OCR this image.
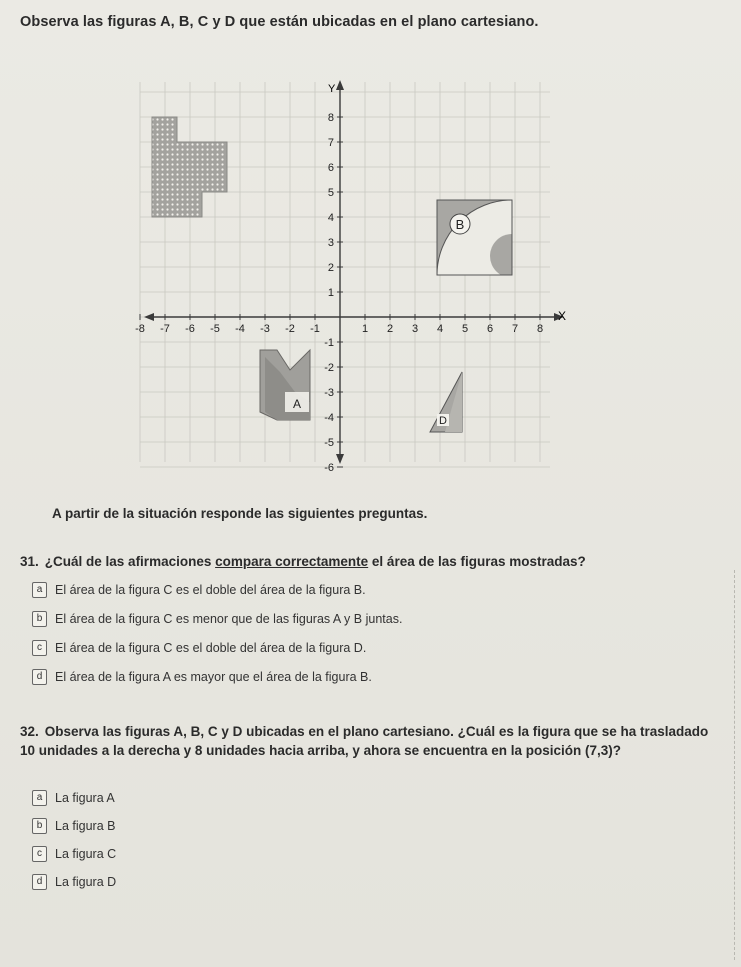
Observa las figuras A, B, C y D que están ubicadas en el plano cartesiano.
-8 -7 -6 -5 -4 -3 -2 -1	1 2 3 4 5 6 7 8
8
7
6
5
4
3
2
1
-1
-2
-3
-4
-5
-6
B
A
D
Y
X
A partir de la situación responde las siguientes preguntas.
31. ¿Cuál de las afirmaciones compara correctamente el área de las figuras mostradas?
a	El área de la figura C es el doble del área de la figura B.
b	El área de la figura C es menor que de las figuras A y B juntas.
c	El área de la figura C es el doble del área de la figura D.
d	El área de la figura A es mayor que el área de la figura B.
32. Observa las figuras A, B, C y D ubicadas en el plano cartesiano. ¿Cuál es la figura que se ha trasladado 10 unidades a la derecha y 8 unidades hacia arriba, y ahora se encuentra en la posición (7,3)?
a	La figura A
b	La figura B
c	La figura C
d	La figura D
